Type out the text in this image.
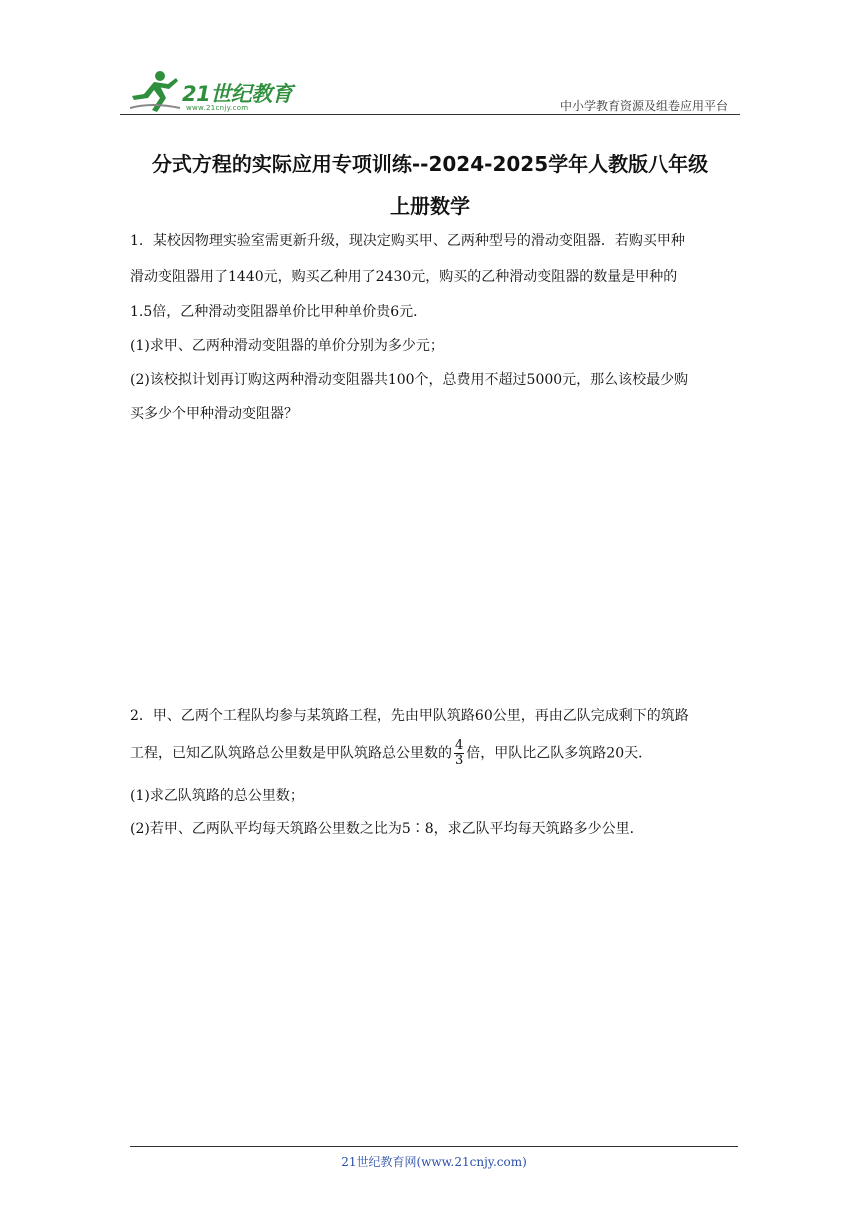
21世纪教育
www.21cnjy.com	中小学教育资源及组卷应用平台
分式方程的实际应用专项训练--2024-2025学年人教版八年级
上册数学
1．某校因物理实验室需更新升级，现决定购买甲、乙两种型号的滑动变阻器．若购买甲种
滑动变阻器用了1440元，购买乙种用了2430元，购买的乙种滑动变阻器的数量是甲种的
1.5倍，乙种滑动变阻器单价比甲种单价贵6元．
(1)求甲、乙两种滑动变阻器的单价分别为多少元；
(2)该校拟计划再订购这两种滑动变阻器共100个，总费用不超过5000元，那么该校最少购
买多少个甲种滑动变阻器？
2．甲、乙两个工程队均参与某筑路工程，先由甲队筑路60公里，再由乙队完成剩下的筑路
工程，已知乙队筑路总公里数是甲队筑路总公里数的 $\frac{4}{3}$ 倍，甲队比乙队多筑路20天．
(1)求乙队筑路的总公里数；
(2)若甲、乙两队平均每天筑路公里数之比为5∶8，求乙队平均每天筑路多少公里．
21世纪教育网(www.21cnjy.com)
